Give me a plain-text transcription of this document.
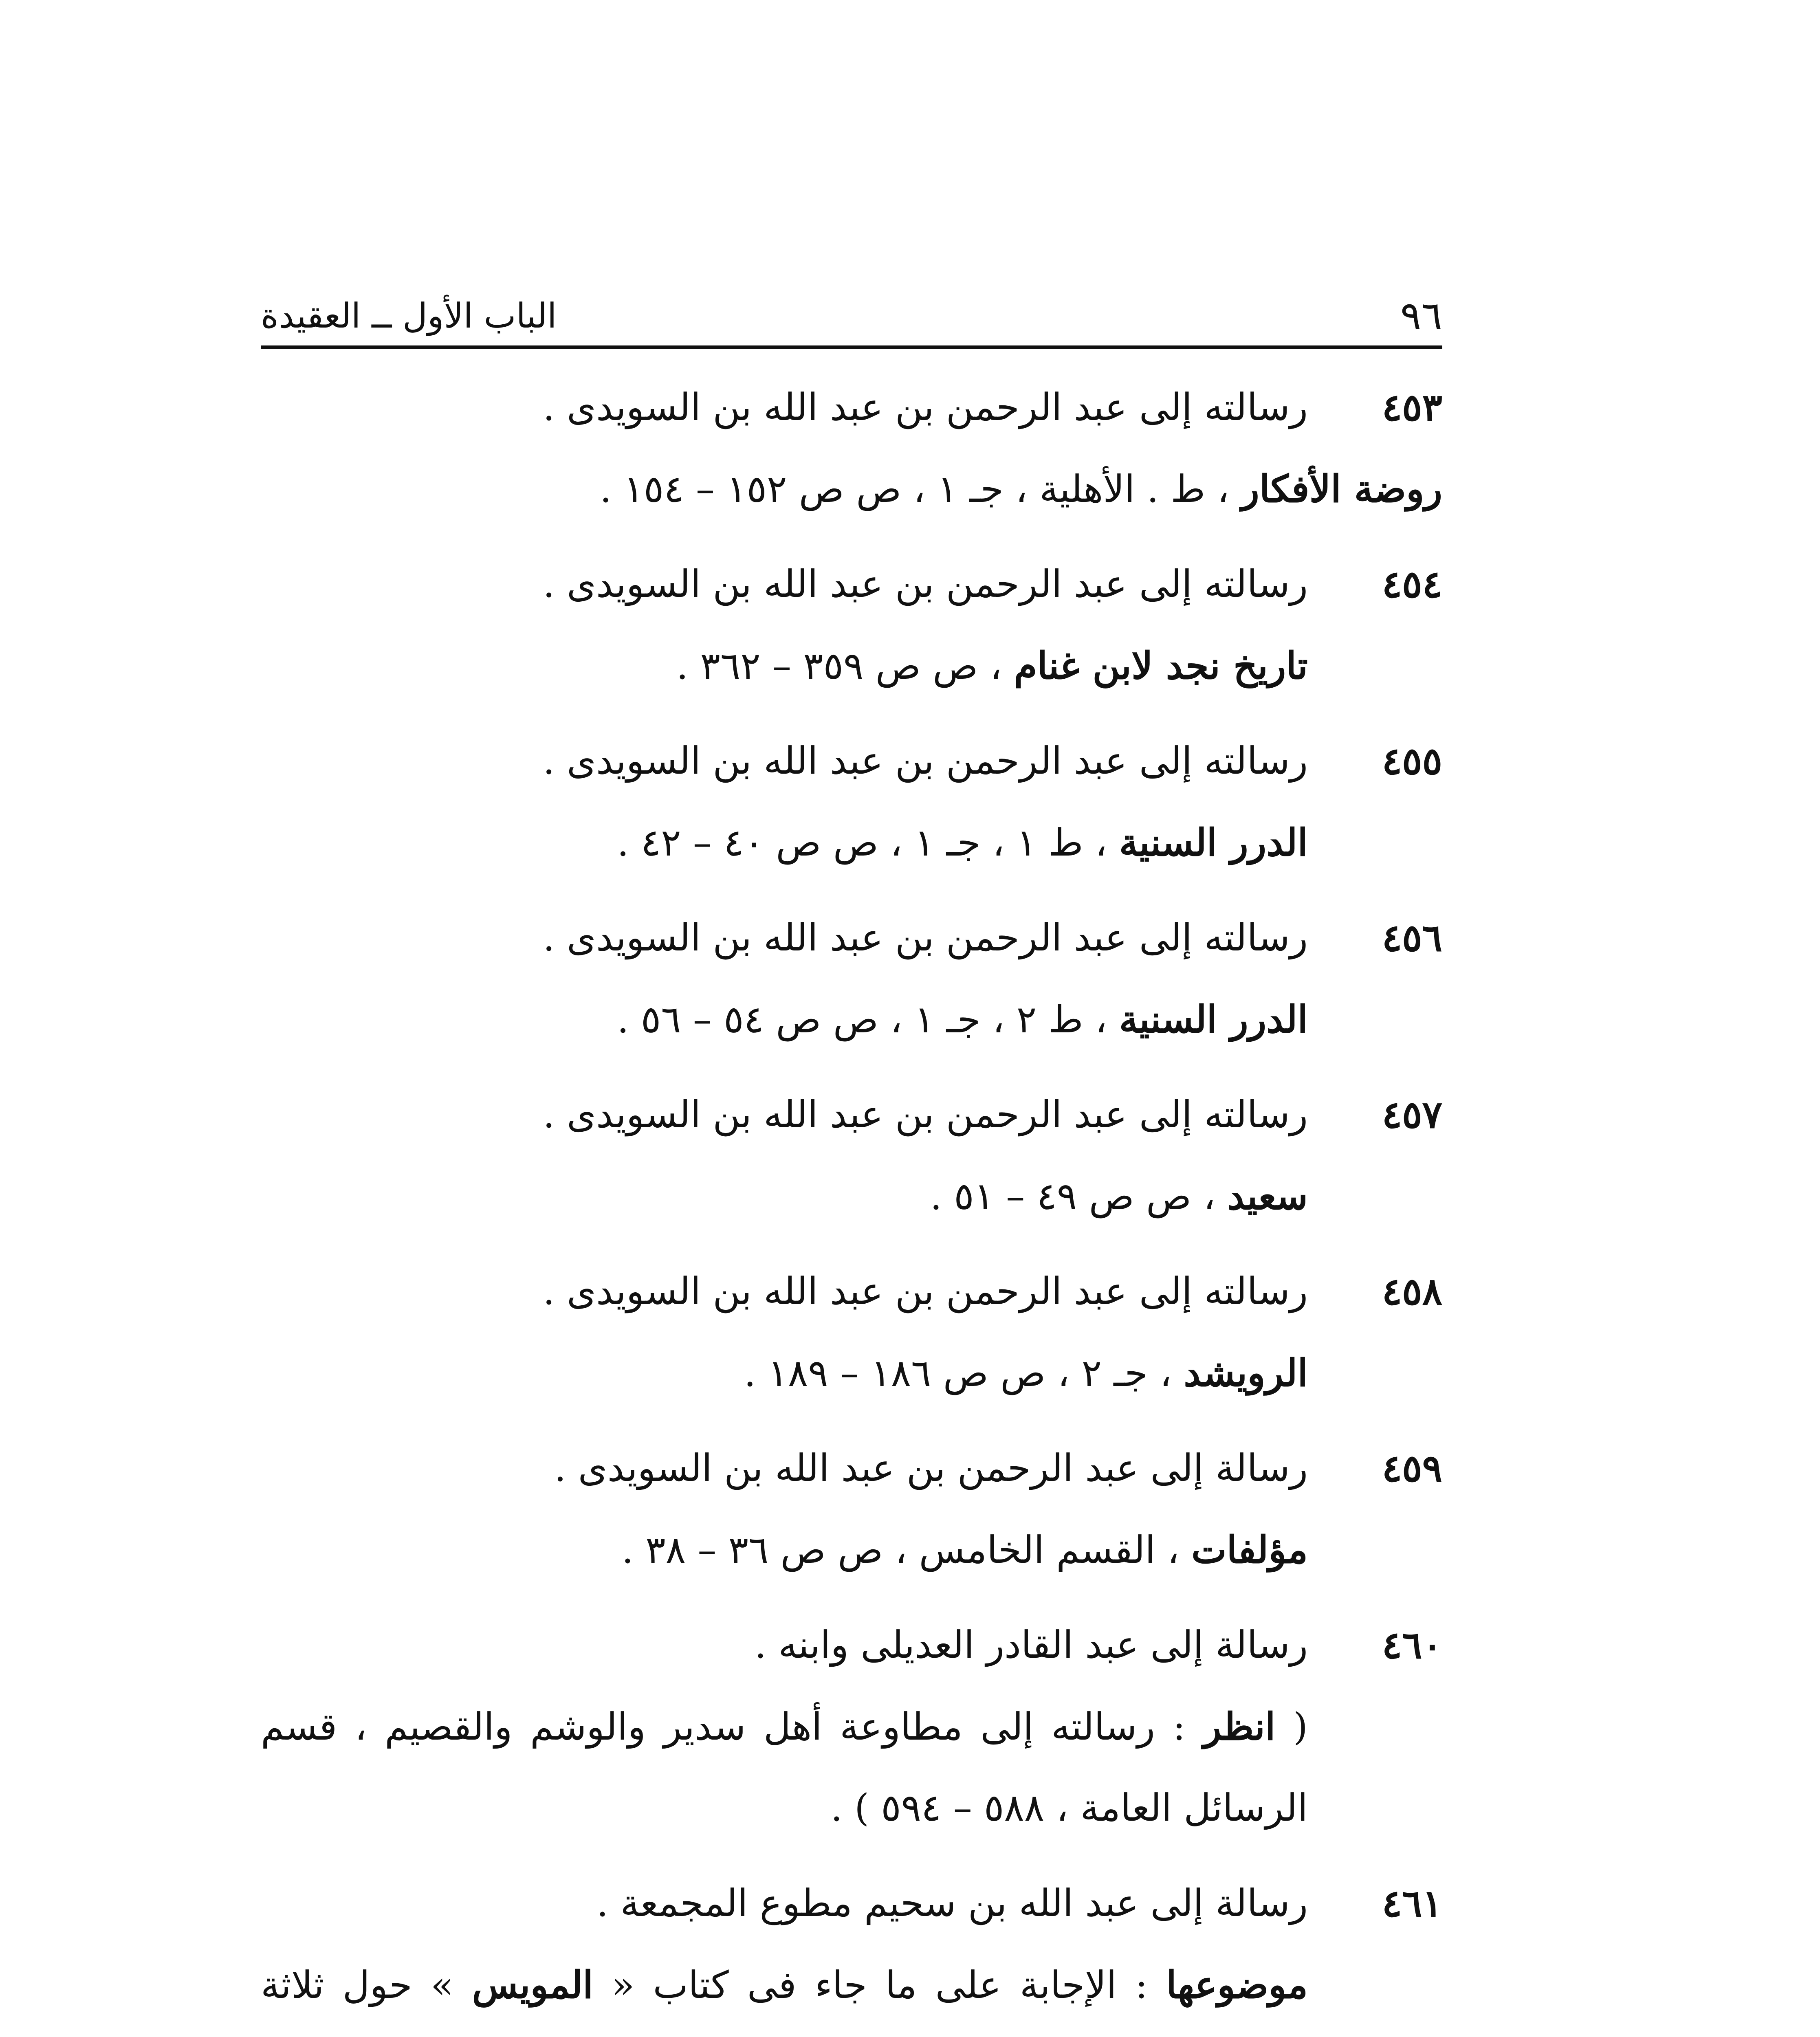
٩٦
الباب الأول ــ العقيدة
٤٥٣
رسالته إلى عبد الرحمن بن عبد الله بن السويدى .
روضة الأفكار ، ط . الأهلية ، جـ ١ ، ص ص ١٥٢ – ١٥٤ .
٤٥٤
رسالته إلى عبد الرحمن بن عبد الله بن السويدى .
تاريخ نجد لابن غنام ، ص ص ٣٥٩ – ٣٦٢ .
٤٥٥
رسالته إلى عبد الرحمن بن عبد الله بن السويدى .
الدرر السنية ، ط ١ ، جـ ١ ، ص ص ٤٠ – ٤٢ .
٤٥٦
رسالته إلى عبد الرحمن بن عبد الله بن السويدى .
الدرر السنية ، ط ٢ ، جـ ١ ، ص ص ٥٤ – ٥٦ .
٤٥٧
رسالته إلى عبد الرحمن بن عبد الله بن السويدى .
سعيد ، ص ص ٤٩ – ٥١ .
٤٥٨
رسالته إلى عبد الرحمن بن عبد الله بن السويدى .
الرويشد ، جـ ٢ ، ص ص ١٨٦ – ١٨٩ .
٤٥٩
رسالة إلى عبد الرحمن بن عبد الله بن السويدى .
مؤلفات ، القسم الخامس ، ص ص ٣٦ – ٣٨ .
٤٦٠
رسالة إلى عبد القادر العديلى وابنه .
( انظر : رسالته إلى مطاوعة أهل سدير والوشم والقصيم ، قسم
الرسائل العامة ، ٥٨٨ – ٥٩٤ ) .
٤٦١
رسالة إلى عبد الله بن سحيم مطوع المجمعة .
موضوعها : الإجابة على ما جاء فى كتاب « المويس » حول ثلاثة
